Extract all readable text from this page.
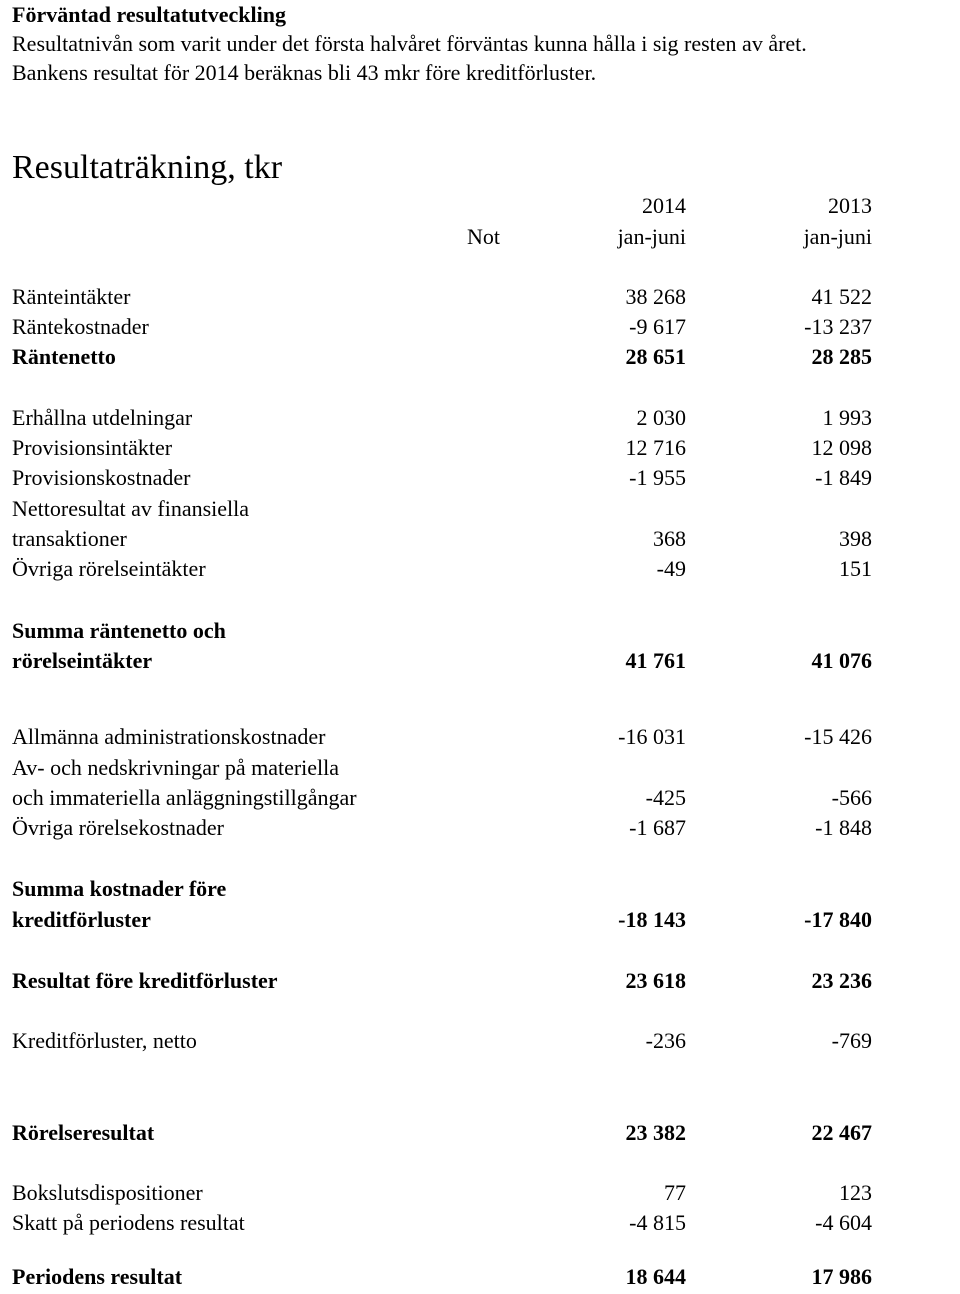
Förväntad resultatutveckling
Resultatnivån som varit under det första halvåret förväntas kunna hålla i sig resten av året.
Bankens resultat för 2014 beräknas bli 43 mkr före kreditförluster.
Resultaträkning, tkr
2014	2013
Not	jan-juni	jan-juni
Ränteintäkter	38 268	41 522
Räntekostnader	-9 617	-13 237
Räntenetto	28 651	28 285
Erhållna utdelningar	2 030	1 993
Provisionsintäkter	12 716	12 098
Provisionskostnader	-1 955	-1 849
Nettoresultat av finansiella
transaktioner	368	398
Övriga rörelseintäkter	-49	151
Summa räntenetto och
rörelseintäkter	41 761	41 076
Allmänna administrationskostnader	-16 031	-15 426
Av- och nedskrivningar på materiella
och immateriella anläggningstillgångar	-425	-566
Övriga rörelsekostnader	-1 687	-1 848
Summa kostnader före
kreditförluster	-18 143	-17 840
Resultat före kreditförluster	23 618	23 236
Kreditförluster, netto	-236	-769
Rörelseresultat	23 382	22 467
Bokslutsdispositioner	77	123
Skatt på periodens resultat	-4 815	-4 604
Periodens resultat	18 644	17 986
